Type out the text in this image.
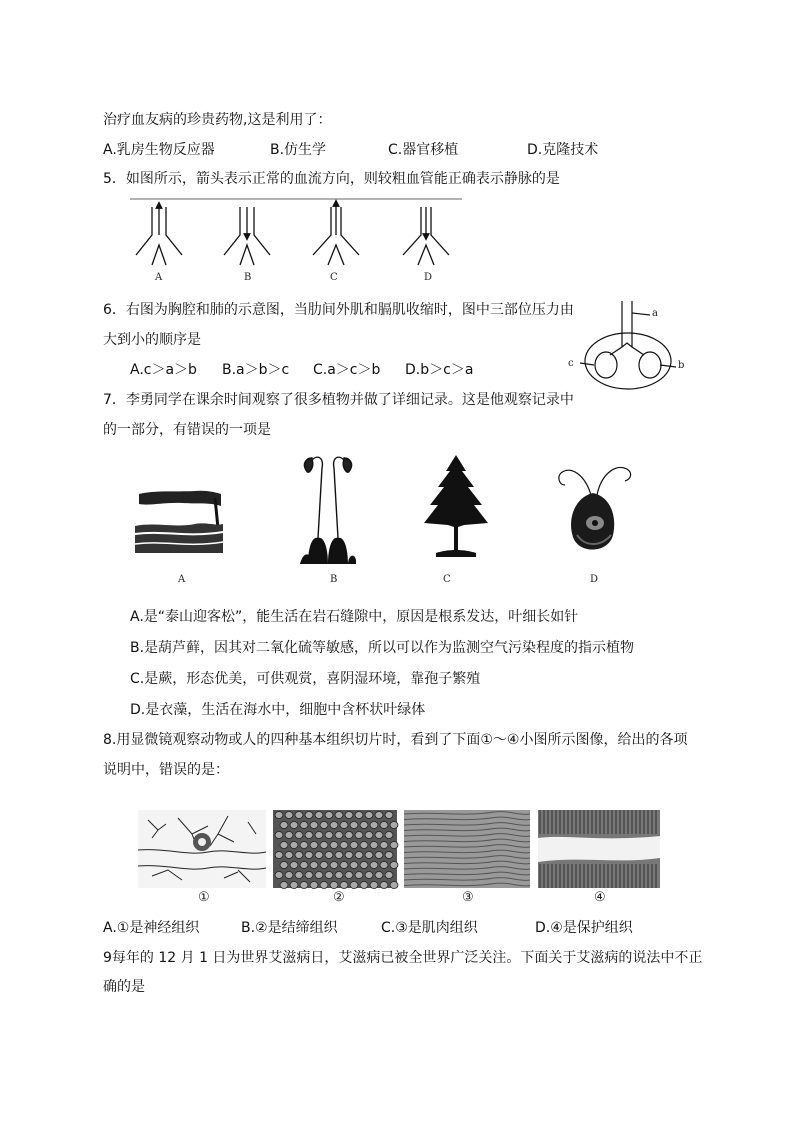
治疗血友病的珍贵药物,这是利用了：
A.乳房生物反应器	B.仿生学	C.器官移植	D.克隆技术
5．如图所示，箭头表示正常的血流方向，则较粗血管能正确表示静脉的是
A	B	C	D
6．右图为胸腔和肺的示意图，当肋间外肌和膈肌收缩时，图中三部位压力由
大到小的顺序是
A.c＞a＞b B.a＞b＞c C.a＞c＞b D.b＞c＞a
a
c	b
7．李勇同学在课余时间观察了很多植物并做了详细记录。这是他观察记录中
的一部分，有错误的一项是
A	B	C	D
A.是“泰山迎客松”，能生活在岩石缝隙中，原因是根系发达，叶细长如针
B.是葫芦藓，因其对二氧化硫等敏感，所以可以作为监测空气污染程度的指示植物
C.是蕨，形态优美，可供观赏，喜阴湿环境，靠孢子繁殖
D.是衣藻，生活在海水中，细胞中含杯状叶绿体
8.用显微镜观察动物或人的四种基本组织切片时，看到了下面①～④小图所示图像，给出的各项
说明中，错误的是：
①	②	③	④
A.①是神经组织	B.②是结缔组织	C.③是肌肉组织	D.④是保护组织
9每年的 12 月 1 日为世界艾滋病日，艾滋病已被全世界广泛关注。下面关于艾滋病的说法中不正
确的是
